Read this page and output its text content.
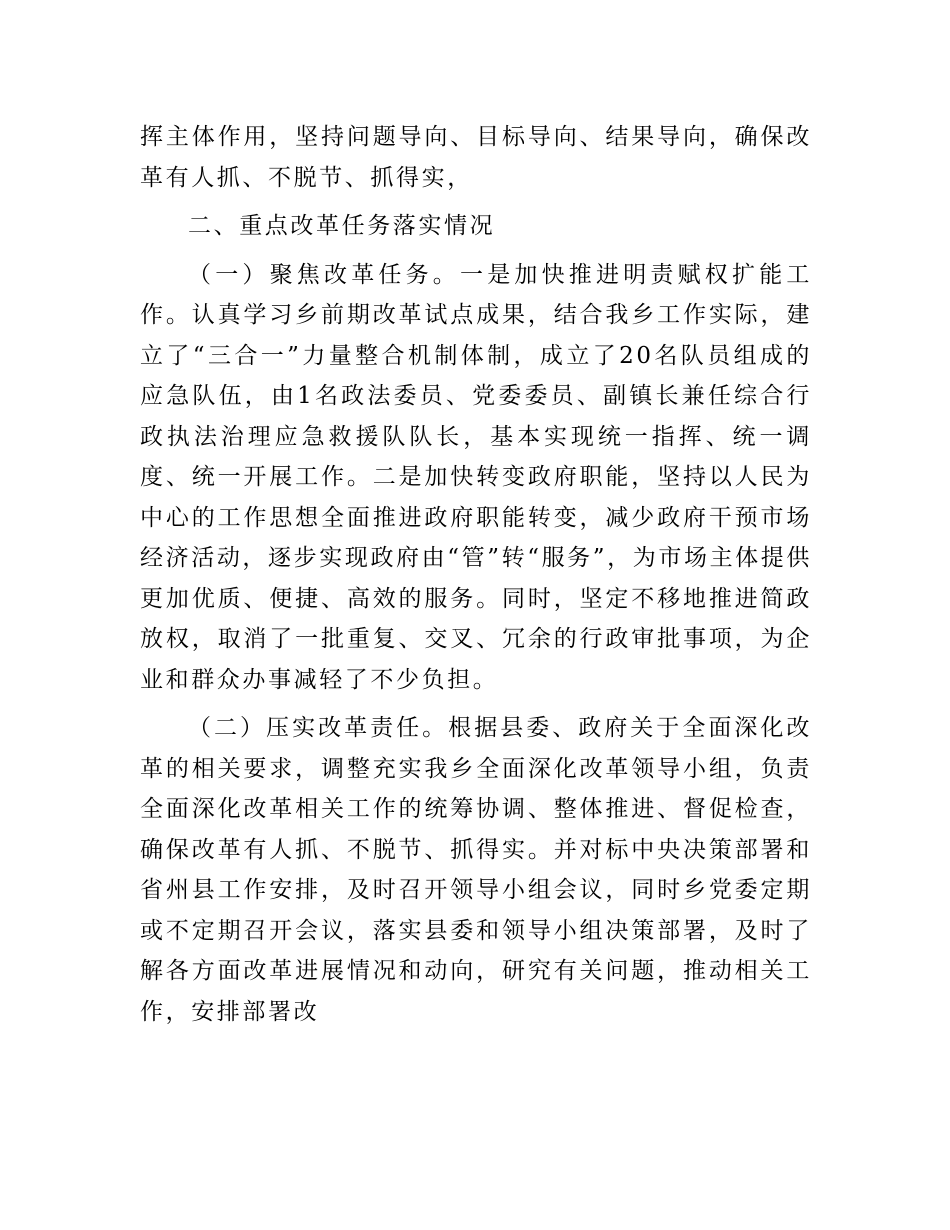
挥主体作用，坚持问题导向、目标导向、结果导向，确保改革有人抓、不脱节、抓得实，

二、重点改革任务落实情况

（一）聚焦改革任务。一是加快推进明责赋权扩能工作。认真学习乡前期改革试点成果，结合我乡工作实际，建立了“三合一”力量整合机制体制，成立了20名队员组成的应急队伍，由1名政法委员、党委委员、副镇长兼任综合行政执法治理应急救援队队长，基本实现统一指挥、统一调度、统一开展工作。二是加快转变政府职能，坚持以人民为中心的工作思想全面推进政府职能转变，减少政府干预市场经济活动，逐步实现政府由“管”转“服务”，为市场主体提供更加优质、便捷、高效的服务。同时，坚定不移地推进简政放权，取消了一批重复、交叉、冗余的行政审批事项，为企业和群众办事减轻了不少负担。

（二）压实改革责任。根据县委、政府关于全面深化改革的相关要求，调整充实我乡全面深化改革领导小组，负责全面深化改革相关工作的统筹协调、整体推进、督促检查，确保改革有人抓、不脱节、抓得实。并对标中央决策部署和省州县工作安排，及时召开领导小组会议，同时乡党委定期或不定期召开会议，落实县委和领导小组决策部署，及时了解各方面改革进展情况和动向，研究有关问题，推动相关工作，安排部署改
